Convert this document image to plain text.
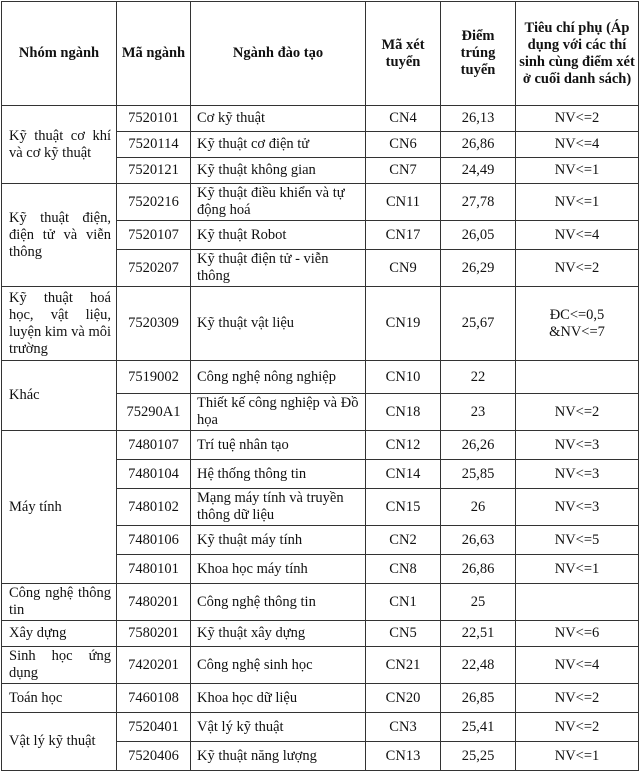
Nhóm ngành	Mã ngành	Ngành đào tạo	Mã xét tuyển	Điểm trúng tuyển	Tiêu chí phụ (Áp dụng với các thí sinh cùng điểm xét ở cuối danh sách)
Kỹ thuật cơ khí và cơ kỹ thuật	7520101	Cơ kỹ thuật	CN4	26,13	NV<=2
	7520114	Kỹ thuật cơ điện tử	CN6	26,86	NV<=4
	7520121	Kỹ thuật không gian	CN7	24,49	NV<=1
Kỹ thuật điện, điện tử và viễn thông	7520216	Kỹ thuật điều khiển và tự động hoá	CN11	27,78	NV<=1
	7520107	Kỹ thuật Robot	CN17	26,05	NV<=4
	7520207	Kỹ thuật điện tử - viễn thông	CN9	26,29	NV<=2
Kỹ thuật hoá học, vật liệu, luyện kim và môi trường	7520309	Kỹ thuật vật liệu	CN19	25,67	ĐC<=0,5 &NV<=7
Khác	7519002	Công nghệ nông nghiệp	CN10	22	
	75290A1	Thiết kế công nghiệp và Đồ họa	CN18	23	NV<=2
Máy tính	7480107	Trí tuệ nhân tạo	CN12	26,26	NV<=3
	7480104	Hệ thống thông tin	CN14	25,85	NV<=3
	7480102	Mạng máy tính và truyền thông dữ liệu	CN15	26	NV<=3
	7480106	Kỹ thuật máy tính	CN2	26,63	NV<=5
	7480101	Khoa học máy tính	CN8	26,86	NV<=1
Công nghệ thông tin	7480201	Công nghệ thông tin	CN1	25	
Xây dựng	7580201	Kỹ thuật xây dựng	CN5	22,51	NV<=6
Sinh học ứng dụng	7420201	Công nghệ sinh học	CN21	22,48	NV<=4
Toán học	7460108	Khoa học dữ liệu	CN20	26,85	NV<=2
Vật lý kỹ thuật	7520401	Vật lý kỹ thuật	CN3	25,41	NV<=2
	7520406	Kỹ thuật năng lượng	CN13	25,25	NV<=1
